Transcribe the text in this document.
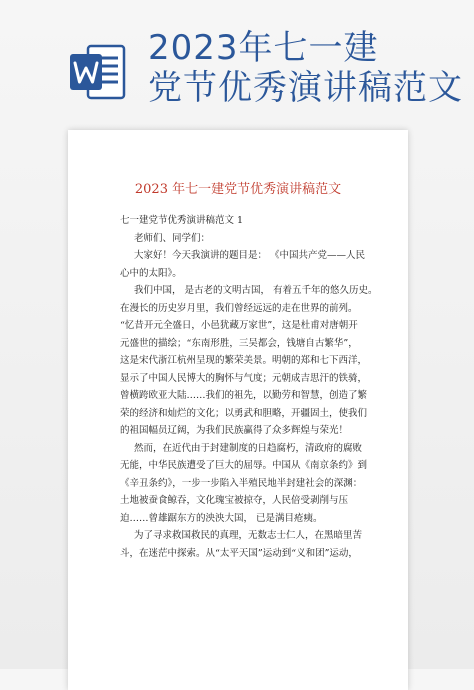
2023年七一建
党节优秀演讲稿范文
2023 年七一建党节优秀演讲稿范文
七一建党节优秀演讲稿范文 1
老师们、同学们：
大家好！今天我演讲的题目是： 《中国共产党——人民
心中的太阳》。
我们中国， 是古老的文明古国， 有着五千年的悠久历史。
在漫长的历史岁月里，我们曾经远远的走在世界的前列。
“忆昔开元全盛日，小邑犹藏万家世”，这是杜甫对唐朝开
元盛世的描绘；“东南形胜，三吴都会，钱塘自古繁华”，
这是宋代浙江杭州呈现的繁荣美景。明朝的郑和七下西洋，
显示了中国人民博大的胸怀与气度；元朝成吉思汗的铁骑，
曾横跨欧亚大陆……我们的祖先，以勤劳和智慧，创造了繁
荣的经济和灿烂的文化；以勇武和胆略，开疆固土，使我们
的祖国幅员辽阔，为我们民族赢得了众多辉煌与荣光！
然而，在近代由于封建制度的日趋腐朽，清政府的腐败
无能，中华民族遭受了巨大的屈辱。中国从《南京条约》到
《辛丑条约》，一步一步陷入半殖民地半封建社会的深渊：
土地被蚕食鲸吞，文化瑰宝被掠夺，人民倍受剥削与压
迫……曾雄踞东方的泱泱大国， 已是满目疮痍。
为了寻求救国救民的真理，无数志士仁人，在黑暗里苦
斗，在迷茫中探索。从“太平天国”运动到“义和团”运动，
